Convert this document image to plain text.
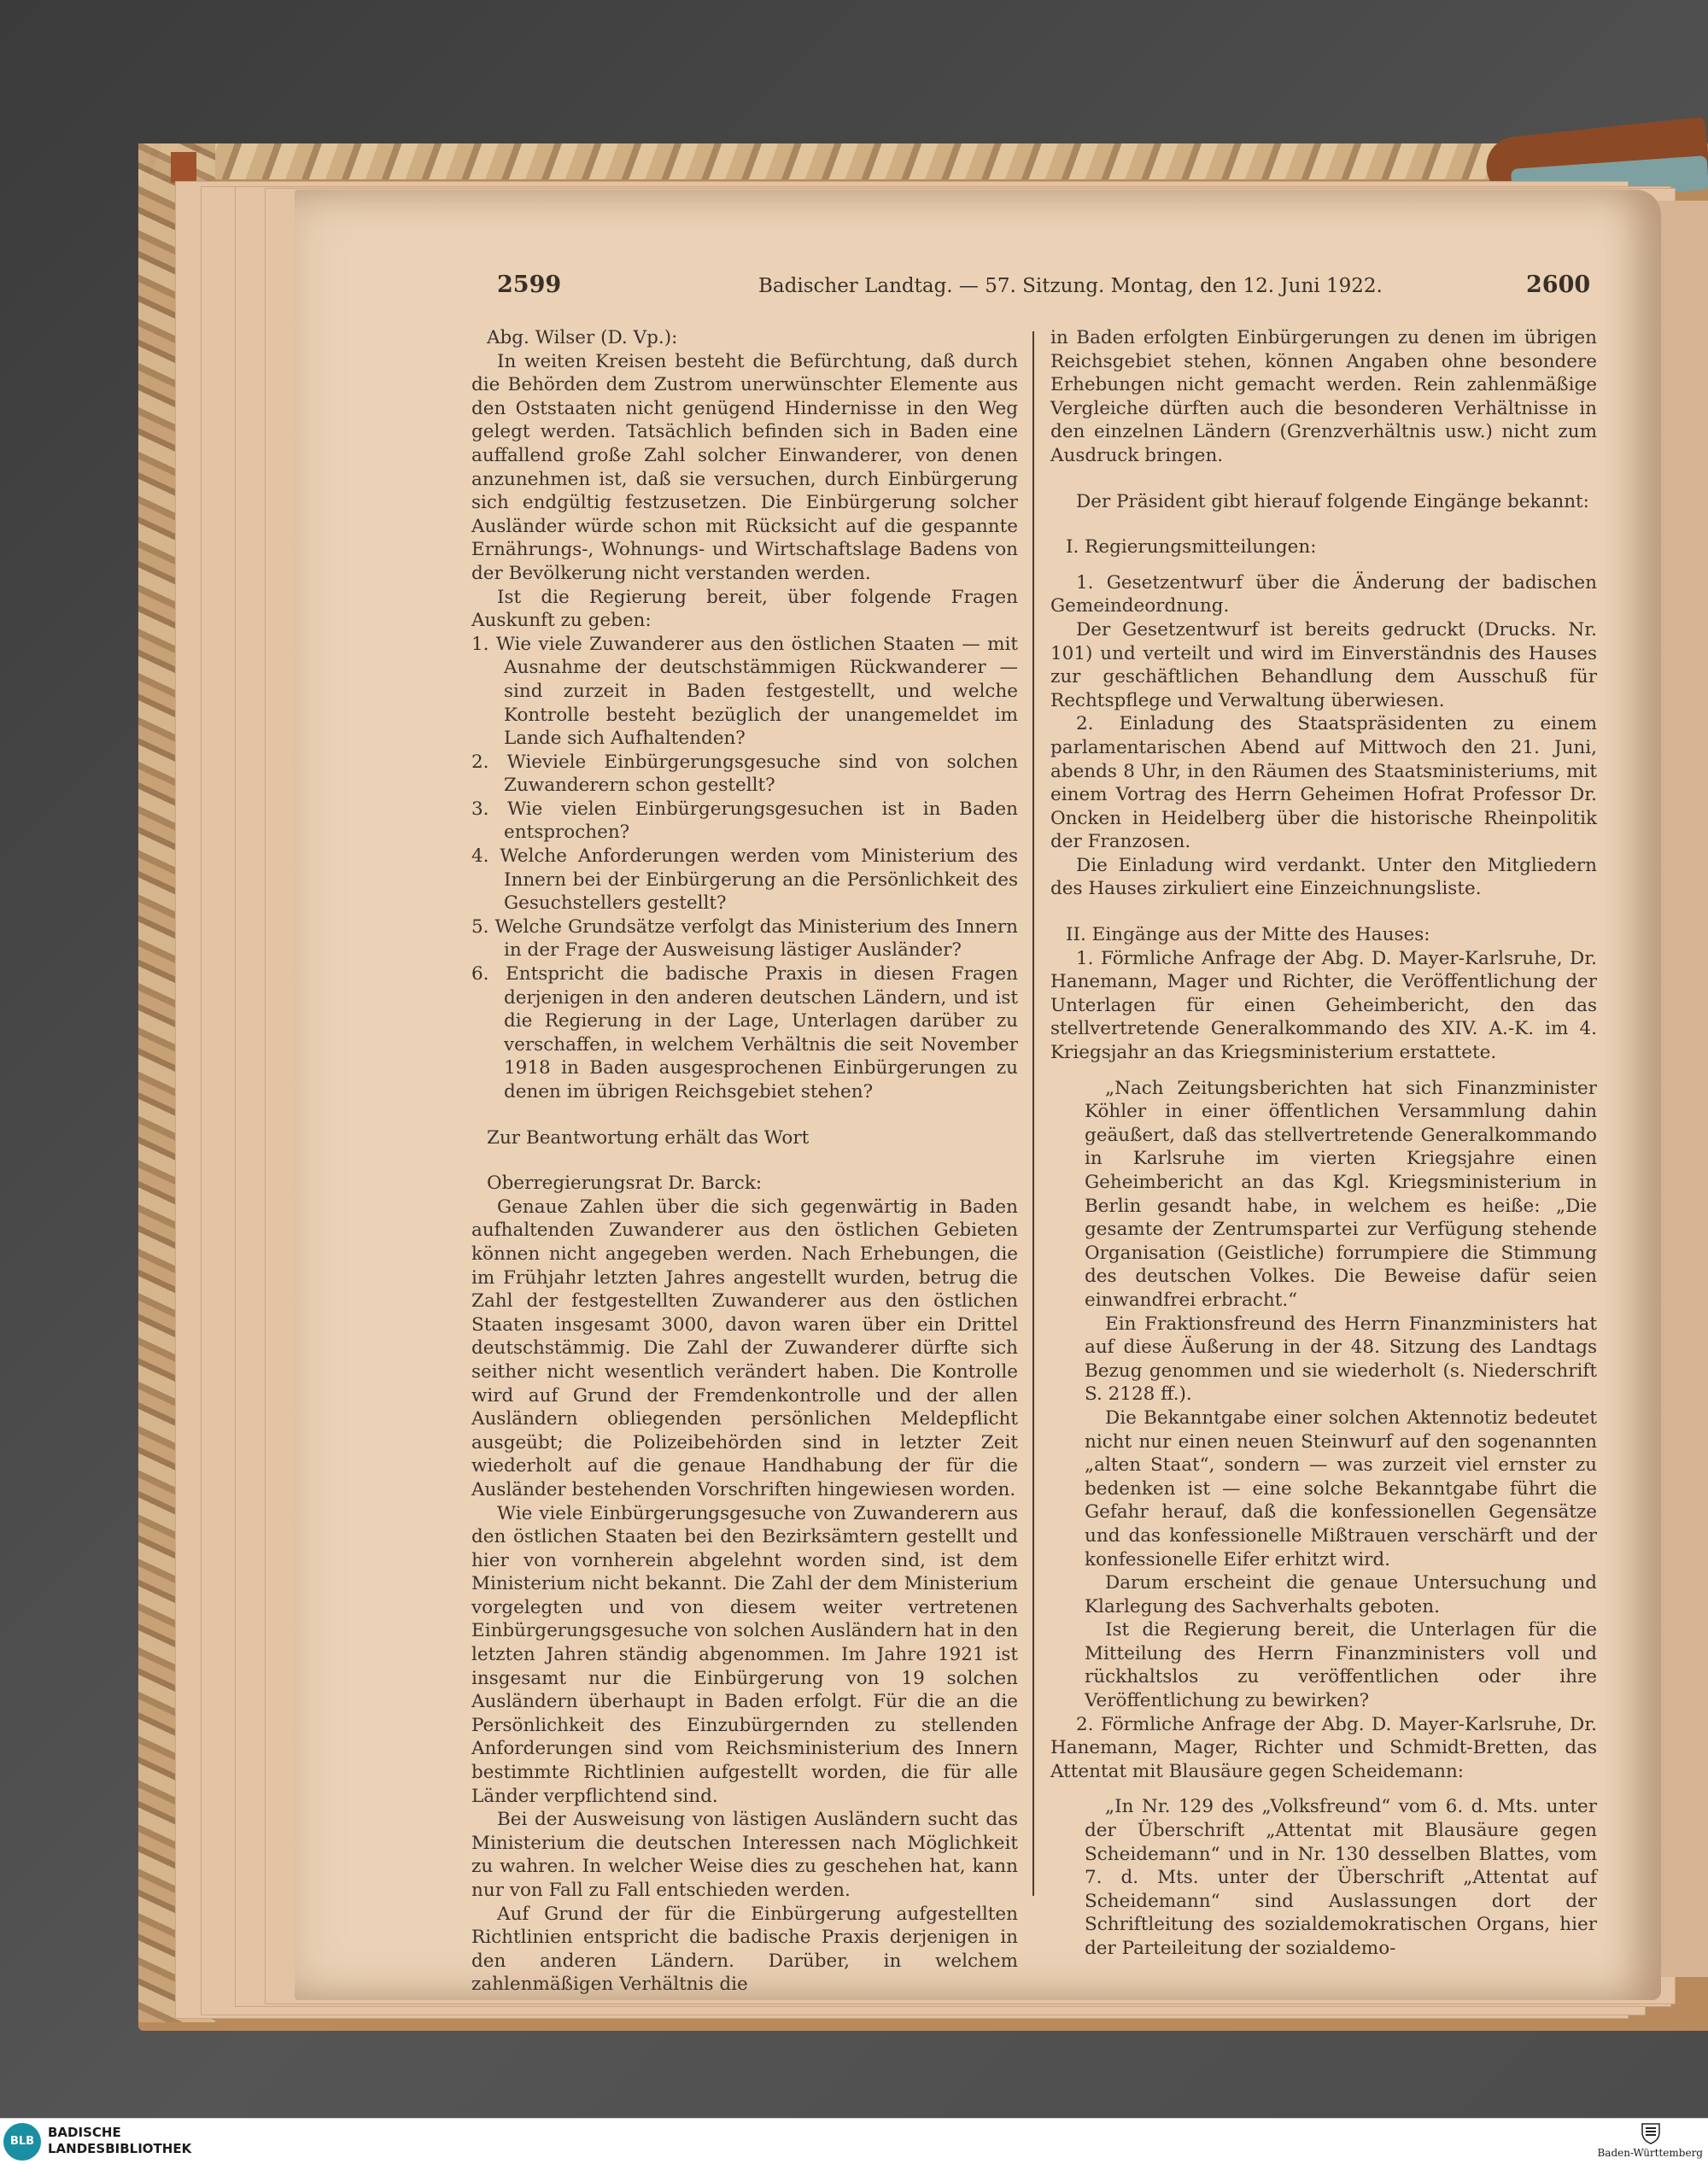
2599	Badischer Landtag. — 57. Sitzung. Montag, den 12. Juni 1922.	2600

Abg. Wilser (D. Vp.):

In weiten Kreisen besteht die Befürchtung, daß durch die Behörden dem Zustrom unerwünschter Elemente aus den Oststaaten nicht genügend Hindernisse in den Weg gelegt werden. Tatsächlich befinden sich in Baden eine auffallend große Zahl solcher Einwanderer, von denen anzunehmen ist, daß sie versuchen, durch Einbürgerung sich endgültig festzusetzen. Die Einbürgerung solcher Ausländer würde schon mit Rücksicht auf die gespannte Ernährungs-, Wohnungs- und Wirtschaftslage Badens von der Bevölkerung nicht verstanden werden.

Ist die Regierung bereit, über folgende Fragen Auskunft zu geben:

1. Wie viele Zuwanderer aus den östlichen Staaten — mit Ausnahme der deutschstämmigen Rückwanderer — sind zurzeit in Baden festgestellt, und welche Kontrolle besteht bezüglich der unangemeldet im Lande sich Aufhaltenden?

2. Wieviele Einbürgerungsgesuche sind von solchen Zuwanderern schon gestellt?

3. Wie vielen Einbürgerungsgesuchen ist in Baden entsprochen?

4. Welche Anforderungen werden vom Ministerium des Innern bei der Einbürgerung an die Persönlichkeit des Gesuchstellers gestellt?

5. Welche Grundsätze verfolgt das Ministerium des Innern in der Frage der Ausweisung lästiger Ausländer?

6. Entspricht die badische Praxis in diesen Fragen derjenigen in den anderen deutschen Ländern, und ist die Regierung in der Lage, Unterlagen darüber zu verschaffen, in welchem Verhältnis die seit November 1918 in Baden ausgesprochenen Einbürgerungen zu denen im übrigen Reichsgebiet stehen?

Zur Beantwortung erhält das Wort

Oberregierungsrat Dr. Barck:

Genaue Zahlen über die sich gegenwärtig in Baden aufhaltenden Zuwanderer aus den östlichen Gebieten können nicht angegeben werden. Nach Erhebungen, die im Frühjahr letzten Jahres angestellt wurden, betrug die Zahl der festgestellten Zuwanderer aus den östlichen Staaten insgesamt 3000, davon waren über ein Drittel deutschstämmig. Die Zahl der Zuwanderer dürfte sich seither nicht wesentlich verändert haben. Die Kontrolle wird auf Grund der Fremdenkontrolle und der allen Ausländern obliegenden persönlichen Meldepflicht ausgeübt; die Polizeibehörden sind in letzter Zeit wiederholt auf die genaue Handhabung der für die Ausländer bestehenden Vorschriften hingewiesen worden.

Wie viele Einbürgerungsgesuche von Zuwanderern aus den östlichen Staaten bei den Bezirksämtern gestellt und hier von vornherein abgelehnt worden sind, ist dem Ministerium nicht bekannt. Die Zahl der dem Ministerium vorgelegten und von diesem weiter vertretenen Einbürgerungsgesuche von solchen Ausländern hat in den letzten Jahren ständig abgenommen. Im Jahre 1921 ist insgesamt nur die Einbürgerung von 19 solchen Ausländern überhaupt in Baden erfolgt. Für die an die Persönlichkeit des Einzubürgernden zu stellenden Anforderungen sind vom Reichsministerium des Innern bestimmte Richtlinien aufgestellt worden, die für alle Länder verpflichtend sind.

Bei der Ausweisung von lästigen Ausländern sucht das Ministerium die deutschen Interessen nach Möglichkeit zu wahren. In welcher Weise dies zu geschehen hat, kann nur von Fall zu Fall entschieden werden.

Auf Grund der für die Einbürgerung aufgestellten Richtlinien entspricht die badische Praxis derjenigen in den anderen Ländern. Darüber, in welchem zahlenmäßigen Verhältnis die

in Baden erfolgten Einbürgerungen zu denen im übrigen Reichsgebiet stehen, können Angaben ohne besondere Erhebungen nicht gemacht werden. Rein zahlenmäßige Vergleiche dürften auch die besonderen Verhältnisse in den einzelnen Ländern (Grenzverhältnis usw.) nicht zum Ausdruck bringen.

Der Präsident gibt hierauf folgende Eingänge bekannt:

I. Regierungsmitteilungen:

1. Gesetzentwurf über die Änderung der badischen Gemeindeordnung.

Der Gesetzentwurf ist bereits gedruckt (Drucks. Nr. 101) und verteilt und wird im Einverständnis des Hauses zur geschäftlichen Behandlung dem Ausschuß für Rechtspflege und Verwaltung überwiesen.

2. Einladung des Staatspräsidenten zu einem parlamentarischen Abend auf Mittwoch den 21. Juni, abends 8 Uhr, in den Räumen des Staatsministeriums, mit einem Vortrag des Herrn Geheimen Hofrat Professor Dr. Oncken in Heidelberg über die historische Rheinpolitik der Franzosen.

Die Einladung wird verdankt. Unter den Mitgliedern des Hauses zirkuliert eine Einzeichnungsliste.

II. Eingänge aus der Mitte des Hauses:

1. Förmliche Anfrage der Abg. D. Mayer-Karlsruhe, Dr. Hanemann, Mager und Richter, die Veröffentlichung der Unterlagen für einen Geheimbericht, den das stellvertretende Generalkommando des XIV. A.-K. im 4. Kriegsjahr an das Kriegsministerium erstattete.

„Nach Zeitungsberichten hat sich Finanzminister Köhler in einer öffentlichen Versammlung dahin geäußert, daß das stellvertretende Generalkommando in Karlsruhe im vierten Kriegsjahre einen Geheimbericht an das Kgl. Kriegsministerium in Berlin gesandt habe, in welchem es heiße: „Die gesamte der Zentrumspartei zur Verfügung stehende Organisation (Geistliche) forrumpiere die Stimmung des deutschen Volkes. Die Beweise dafür seien einwandfrei erbracht.“

Ein Fraktionsfreund des Herrn Finanzministers hat auf diese Äußerung in der 48. Sitzung des Landtags Bezug genommen und sie wiederholt (s. Niederschrift S. 2128 ff.).

Die Bekanntgabe einer solchen Aktennotiz bedeutet nicht nur einen neuen Steinwurf auf den sogenannten „alten Staat“, sondern — was zurzeit viel ernster zu bedenken ist — eine solche Bekanntgabe führt die Gefahr herauf, daß die konfessionellen Gegensätze und das konfessionelle Mißtrauen verschärft und der konfessionelle Eifer erhitzt wird.

Darum erscheint die genaue Untersuchung und Klarlegung des Sachverhalts geboten.

Ist die Regierung bereit, die Unterlagen für die Mitteilung des Herrn Finanzministers voll und rückhaltslos zu veröffentlichen oder ihre Veröffentlichung zu bewirken?

2. Förmliche Anfrage der Abg. D. Mayer-Karlsruhe, Dr. Hanemann, Mager, Richter und Schmidt-Bretten, das Attentat mit Blausäure gegen Scheidemann:

„In Nr. 129 des „Volksfreund“ vom 6. d. Mts. unter der Überschrift „Attentat mit Blausäure gegen Scheidemann“ und in Nr. 130 desselben Blattes, vom 7. d. Mts. unter der Überschrift „Attentat auf Scheidemann“ sind Auslassungen dort der Schriftleitung des sozialdemokratischen Organs, hier der Parteileitung der sozialdemo-

BLB
BADISCHE
LANDESBIBLIOTHEK	Baden-Württemberg
